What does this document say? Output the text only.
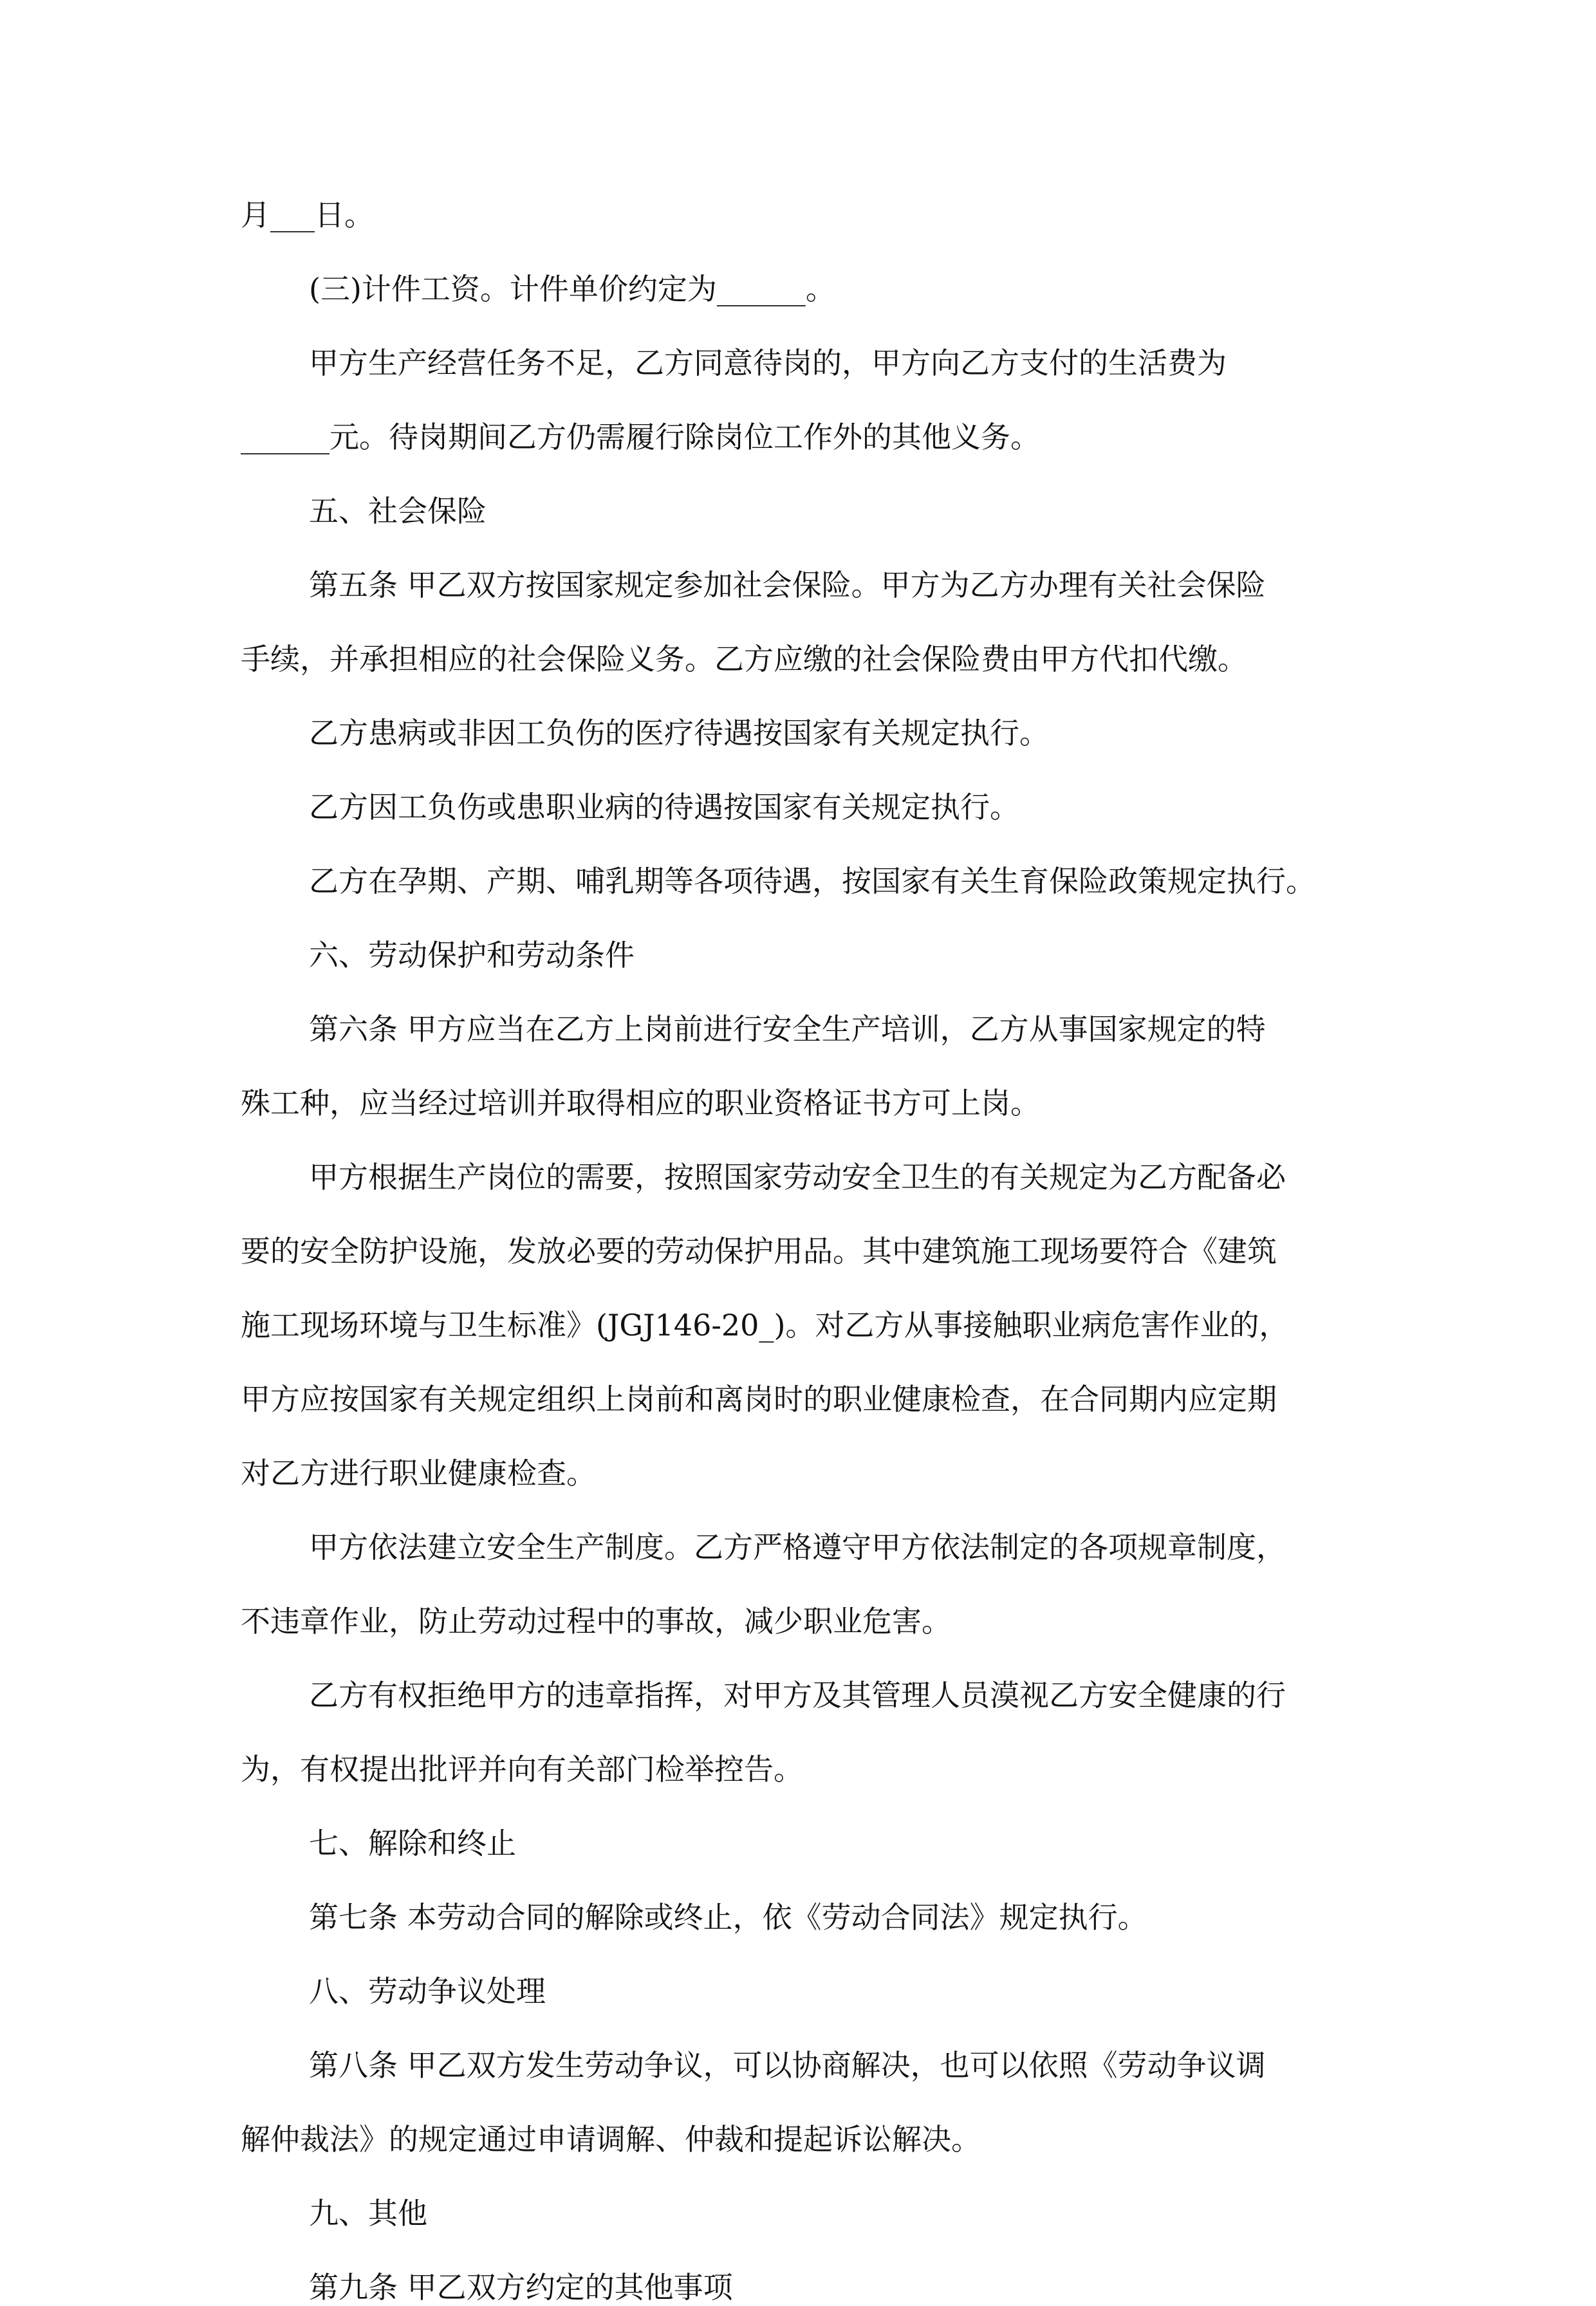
月___日。
(三)计件工资。计件单价约定为______。
甲方生产经营任务不足，乙方同意待岗的，甲方向乙方支付的生活费为
______元。待岗期间乙方仍需履行除岗位工作外的其他义务。
五、社会保险
第五条 甲乙双方按国家规定参加社会保险。甲方为乙方办理有关社会保险
手续，并承担相应的社会保险义务。乙方应缴的社会保险费由甲方代扣代缴。
乙方患病或非因工负伤的医疗待遇按国家有关规定执行。
乙方因工负伤或患职业病的待遇按国家有关规定执行。
乙方在孕期、产期、哺乳期等各项待遇，按国家有关生育保险政策规定执行。
六、劳动保护和劳动条件
第六条 甲方应当在乙方上岗前进行安全生产培训，乙方从事国家规定的特
殊工种，应当经过培训并取得相应的职业资格证书方可上岗。
甲方根据生产岗位的需要，按照国家劳动安全卫生的有关规定为乙方配备必
要的安全防护设施，发放必要的劳动保护用品。其中建筑施工现场要符合《建筑
施工现场环境与卫生标准》(JGJ146-20_)。对乙方从事接触职业病危害作业的，
甲方应按国家有关规定组织上岗前和离岗时的职业健康检查，在合同期内应定期
对乙方进行职业健康检查。
甲方依法建立安全生产制度。乙方严格遵守甲方依法制定的各项规章制度，
不违章作业，防止劳动过程中的事故，减少职业危害。
乙方有权拒绝甲方的违章指挥，对甲方及其管理人员漠视乙方安全健康的行
为，有权提出批评并向有关部门检举控告。
七、解除和终止
第七条 本劳动合同的解除或终止，依《劳动合同法》规定执行。
八、劳动争议处理
第八条 甲乙双方发生劳动争议，可以协商解决，也可以依照《劳动争议调
解仲裁法》的规定通过申请调解、仲裁和提起诉讼解决。
九、其他
第九条 甲乙双方约定的其他事项
